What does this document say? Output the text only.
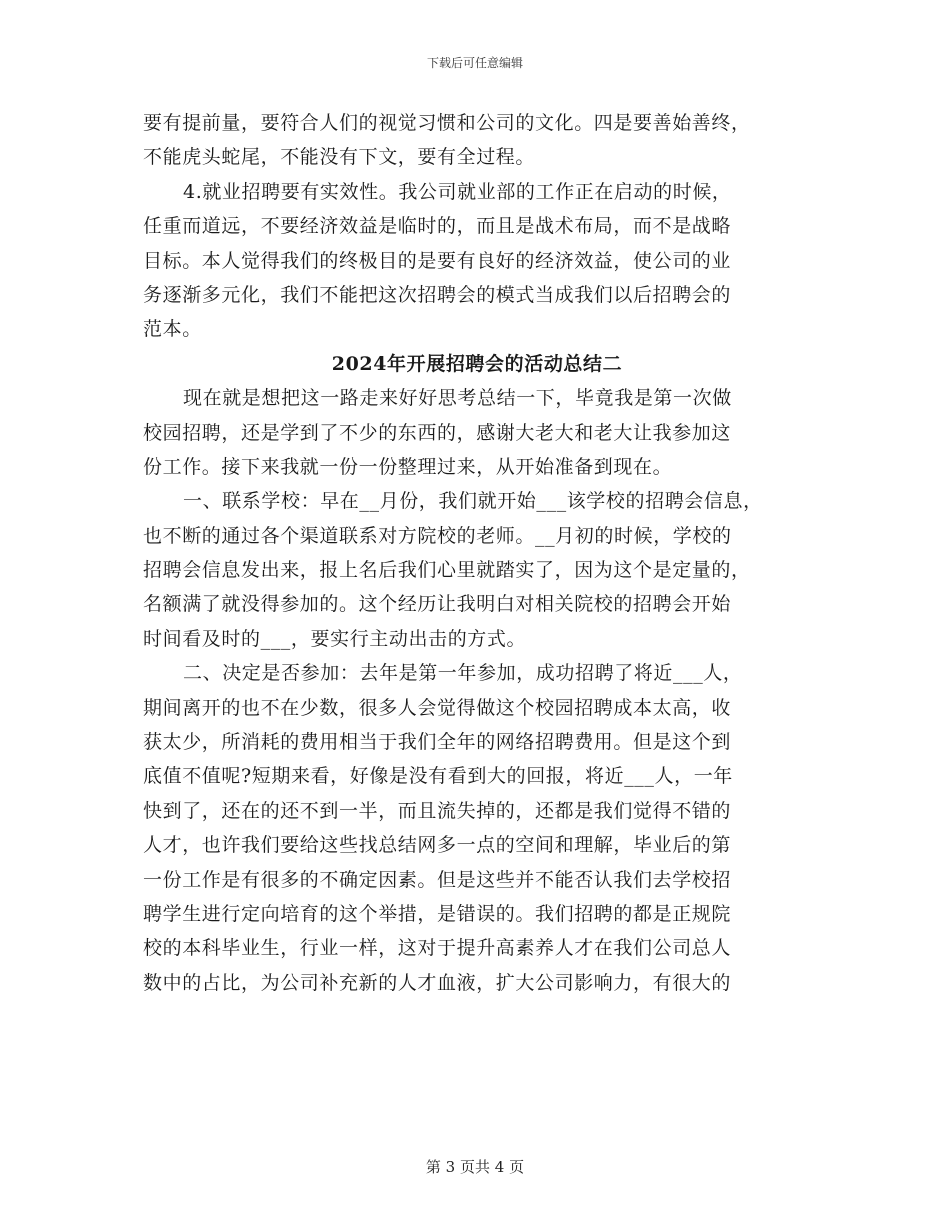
下载后可任意编辑
要有提前量，要符合人们的视觉习惯和公司的文化。四是要善始善终，
不能虎头蛇尾，不能没有下文，要有全过程。
4.就业招聘要有实效性。我公司就业部的工作正在启动的时候，
任重而道远，不要经济效益是临时的，而且是战术布局，而不是战略
目标。本人觉得我们的终极目的是要有良好的经济效益，使公司的业
务逐渐多元化，我们不能把这次招聘会的模式当成我们以后招聘会的
范本。
2024年开展招聘会的活动总结二
现在就是想把这一路走来好好思考总结一下，毕竟我是第一次做
校园招聘，还是学到了不少的东西的，感谢大老大和老大让我参加这
份工作。接下来我就一份一份整理过来，从开始准备到现在。
一、联系学校：早在__月份，我们就开始___该学校的招聘会信息，
也不断的通过各个渠道联系对方院校的老师。__月初的时候，学校的
招聘会信息发出来，报上名后我们心里就踏实了，因为这个是定量的，
名额满了就没得参加的。这个经历让我明白对相关院校的招聘会开始
时间看及时的___，要实行主动出击的方式。
二、决定是否参加：去年是第一年参加，成功招聘了将近___人，
期间离开的也不在少数，很多人会觉得做这个校园招聘成本太高，收
获太少，所消耗的费用相当于我们全年的网络招聘费用。但是这个到
底值不值呢?短期来看，好像是没有看到大的回报，将近___人，一年
快到了，还在的还不到一半，而且流失掉的，还都是我们觉得不错的
人才，也许我们要给这些找总结网多一点的空间和理解，毕业后的第
一份工作是有很多的不确定因素。但是这些并不能否认我们去学校招
聘学生进行定向培育的这个举措，是错误的。我们招聘的都是正规院
校的本科毕业生，行业一样，这对于提升高素养人才在我们公司总人
数中的占比，为公司补充新的人才血液，扩大公司影响力，有很大的
第 3 页共 4 页
